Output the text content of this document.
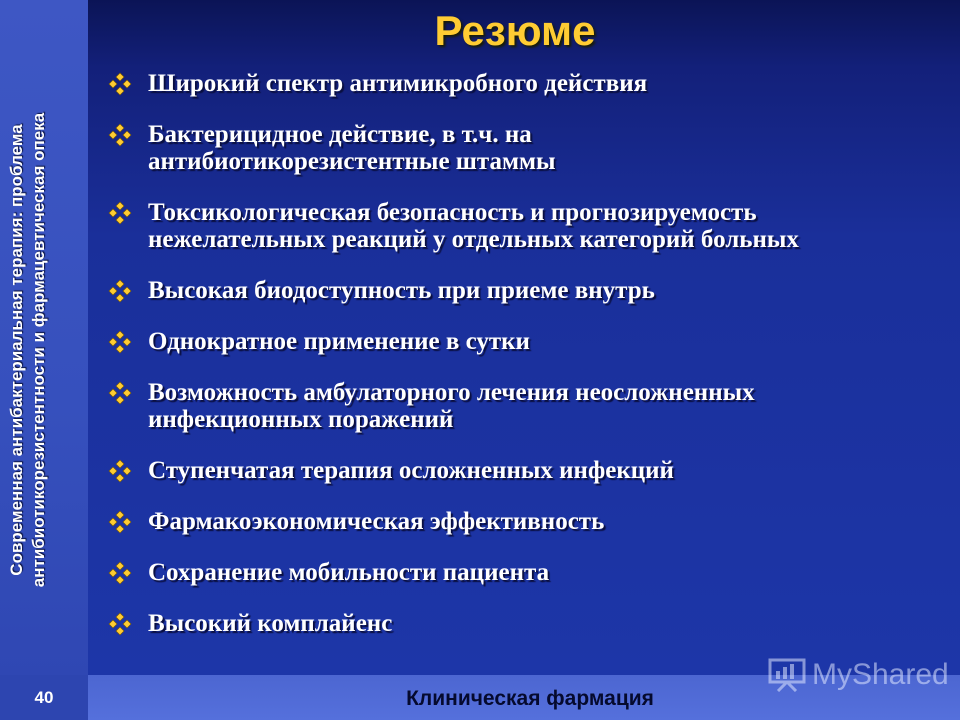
Современная антибактериальная терапия: проблема антибиотикорезистентности и фармацевтическая опека
Резюме
Широкий спектр антимикробного действия
Бактерицидное действие, в т.ч. на
антибиотикорезистентные штаммы
Токсикологическая безопасность и прогнозируемость
нежелательных реакций у отдельных категорий больных
Высокая биодоступность при приеме внутрь
Однократное применение в сутки
Возможность амбулаторного лечения неосложненных
инфекционных поражений
Ступенчатая терапия осложненных инфекций
Фармакоэкономическая эффективность
Сохранение мобильности пациента
Высокий комплайенс
40	Клиническая фармация
MyShared
